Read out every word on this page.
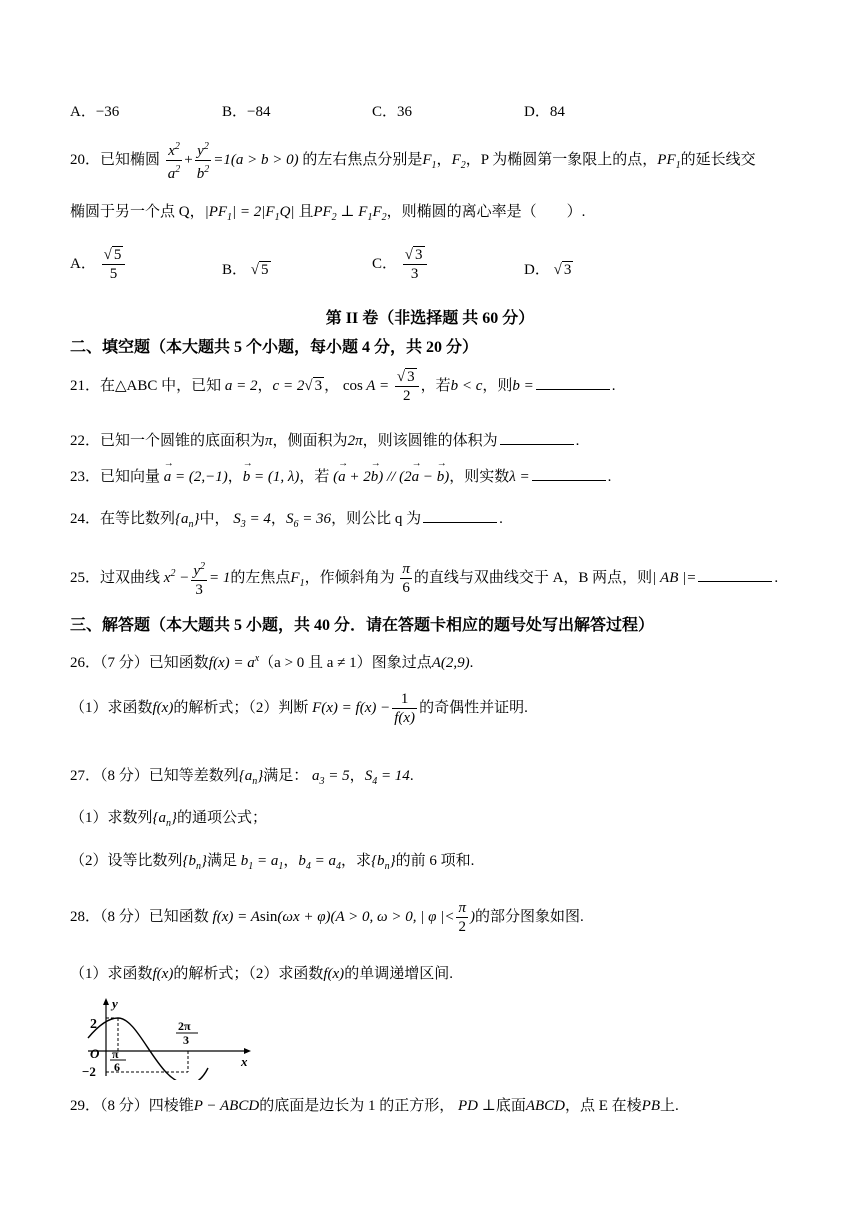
A．−36	B．−84	C．36	D．84
20．已知椭圆 $\frac{x^2}{a^2} + \frac{y^2}{b^2} =1(a > b > 0)$ 的左右焦点分别是$F_1$，$F_2$，P 为椭圆第一象限上的点，$PF_1$的延长线交
椭圆于另一个点 Q，$|PF_1| = 2|F_1Q|$ 且$PF_2$ ⊥ $F_1F_2$，则椭圆的离心率是（　　）.
A． $\frac{√ 5}{5}$	B． √ 5	C． $\frac{√ 3}{3}$	D． √ 3
第 II 卷（非选择题 共 60 分）
二、填空题（本大题共 5 个小题，每小题 4 分，共 20 分）
21．在△ABC 中，已知 a = 2，c = 2√ 3 ， $\cos A = \frac{√ 3}{2}$ ，若b < c，则b =	.
22．已知一个圆锥的底面积为π，侧面积为2π，则该圆锥的体积为	.
23．已知向量 → a = (2,−1)，→ b = (1, λ)，若 (→ a + 2→ b) // (2→ a − → b)，则实数λ =	.
24．在等比数列$\{a_n\}$中， $S_3 = 4$，$S_6 = 36$，则公比 q 为	.
25．过双曲线 $x^2 - \frac{y^2}{3} = 1$的左焦点$F_1$，作倾斜角为 $\frac{\pi}{6}$ 的直线与双曲线交于 A，B 两点，则| AB |=	.
三、解答题（本大题共 5 小题，共 40 分．请在答题卡相应的题号处写出解答过程）
26．（7 分）已知函数$f(x) = a^x(a > 0$ 且 a ≠ 1）图象过点A(2,9).
（1）求函数f(x)的解析式；（2）判断 $F(x) = f(x) - \frac{1}{f(x)}$ 的奇偶性并证明.
27．（8 分）已知等差数列$\{a_n\}$满足： $a_3 = 5$，$S_4 = 14$.
（1）求数列$\{a_n\}$的通项公式；
（2）设等比数列$\{b_n\}$满足 $b_1 = a_1$，$b_4 = a_4$，求$\{b_n\}$的前 6 项和.
28．（8 分）已知函数 f(x) = Asin(ωx + φ)(A > 0, ω > 0, | φ |< $\frac{\pi}{2}$ )的部分图象如图.
（1）求函数f(x)的解析式；（2）求函数f(x)的单调递增区间.
y
x
2
−2
O π
6
2π
3
29．（8 分）四棱锥P − ABCD的底面是边长为 1 的正方形， PD ⊥底面ABCD，点 E 在棱PB上.
